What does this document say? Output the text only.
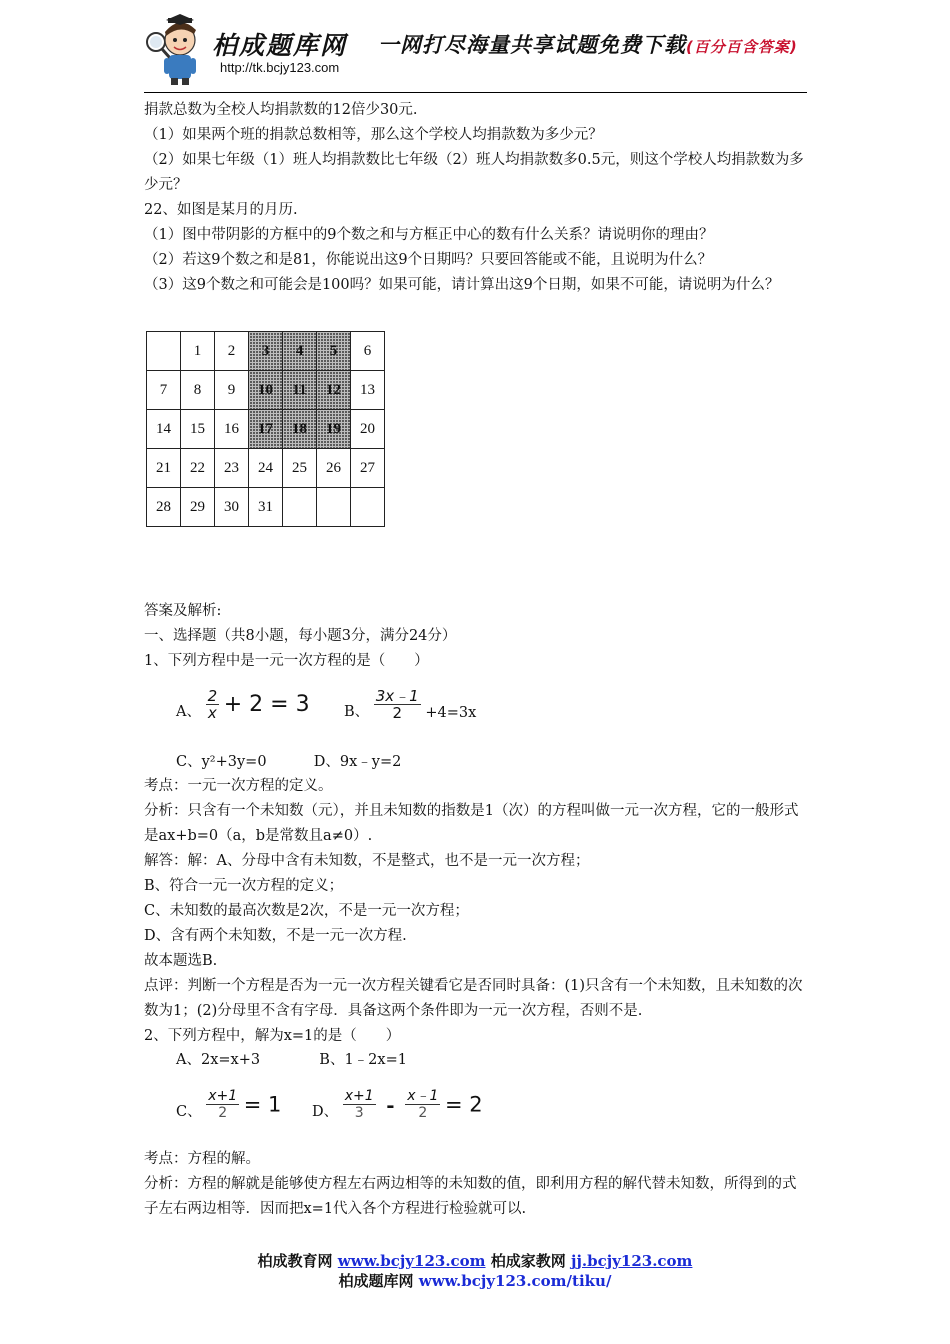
柏成题库网
http://tk.bcjy123.com
一网打尽海量共享试题免费下载(百分百含答案)

捐款总数为全校人均捐款数的12倍少30元.

（1）如果两个班的捐款总数相等，那么这个学校人均捐款数为多少元？

（2）如果七年级（1）班人均捐款数比七年级（2）班人均捐款数多0.5元，则这个学校人均捐款数为多少元？

22、如图是某月的月历.

（1）图中带阴影的方框中的9个数之和与方框正中心的数有什么关系？请说明你的理由？

（2）若这9个数之和是81，你能说出这9个日期吗？只要回答能或不能，且说明为什么？

（3）这9个数之和可能会是100吗？如果可能，请计算出这9个日期，如果不可能，请说明为什么？

	1	2	3	4	5	6
7	8	9	10	11	12	13
14	15	16	17	18	19	20
21	22	23	24	25	26	27
28	29	30	31			

答案及解析:

一、选择题（共8小题，每小题3分，满分24分）

1、下列方程中是一元一次方程的是（　　）

A、 $\frac{2}{x} + 2 = 3$ B、 $\frac{3x﹣1}{2} +4=3x$
C、y²+3y=0	D、9x﹣y=2

考点：一元一次方程的定义。

分析：只含有一个未知数（元），并且未知数的指数是1（次）的方程叫做一元一次方程，它的一般形式是ax+b=0（a，b是常数且a≠0）.

解答：解：A、分母中含有未知数，不是整式，也不是一元一次方程；

B、符合一元一次方程的定义；

C、未知数的最高次数是2次，不是一元一次方程；

D、含有两个未知数，不是一元一次方程.

故本题选B.

点评：判断一个方程是否为一元一次方程关键看它是否同时具备：(1)只含有一个未知数，且未知数的次数为1；(2)分母里不含有字母．具备这两个条件即为一元一次方程，否则不是.

2、下列方程中，解为x=1的是（　　）

A、2x=x+3	B、1﹣2x=1
C、 $\frac{x+1}{2} = 1$ D、 $\frac{x+1}{3} - \frac{x﹣1}{2} = 2$

考点：方程的解。

分析：方程的解就是能够使方程左右两边相等的未知数的值，即利用方程的解代替未知数，所得到的式子左右两边相等．因而把x=1代入各个方程进行检验就可以.

柏成教育网 www.bcjy123.com 柏成家教网 jj.bcjy123.com
柏成题库网 www.bcjy123.com/tiku/
